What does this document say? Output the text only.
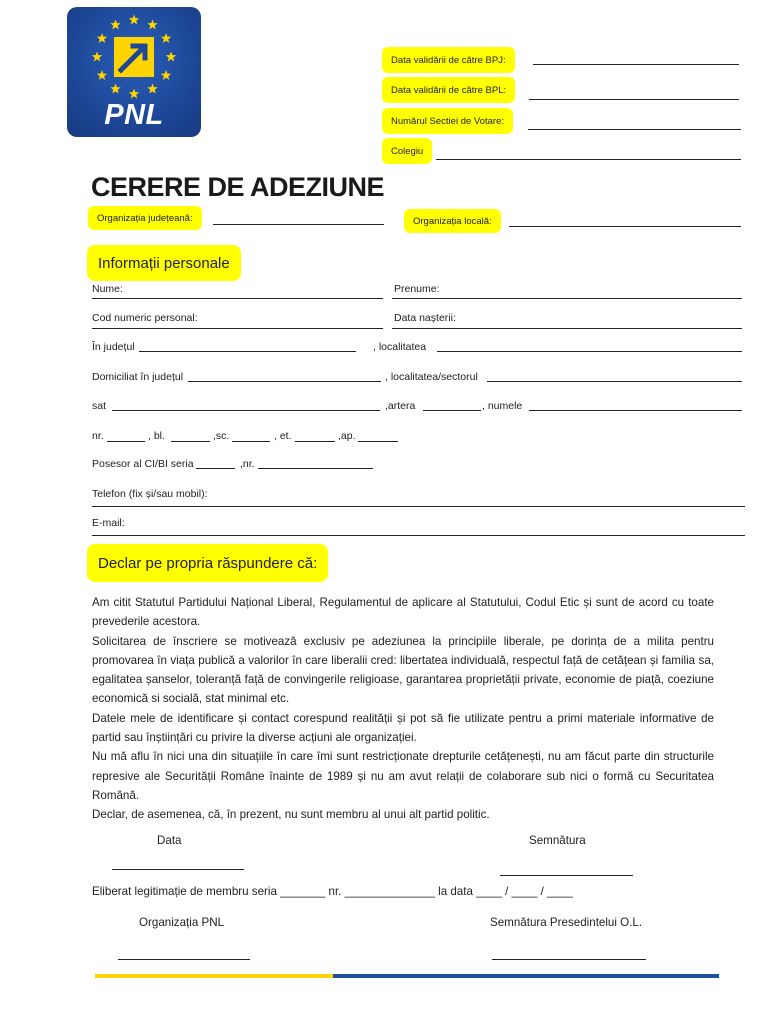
PNL
Data validării de către BPJ:
Data validării de către BPL:
Numărul Sectiei de Votare:
Colegiu
CERERE DE ADEZIUNE
Organizația județeană:	Organizația locală:
Informații personale
Nume:	Prenume:
Cod numeric personal:	Data nașterii:
În județul	, localitatea
Domiciliat în județul	, localitatea/sectorul
sat	,artera	, numele
nr.	, bl.	,sc.	, et.	,ap.
Posesor al CI/BI seria	,nr.
Telefon (fix și/sau mobil):
E-mail:
Declar pe propria răspundere că:

Am citit Statutul Partidului Național Liberal, Regulamentul de aplicare al Statutului, Codul Etic și sunt de acord cu toate prevederile acestora.

Solicitarea de înscriere se motivează exclusiv pe adeziunea la principiile liberale, pe dorința de a milita pentru promovarea în viața publică a valorilor în care liberalii cred: libertatea individuală, respectul față de cetățean și familia sa, egalitatea șanselor, toleranță față de convingerile religioase, garantarea proprietății private, economie de piață, coeziune economică si socială, stat minimal etc.

Datele mele de identificare și contact corespund realității și pot să fie utilizate pentru a primi materiale informative de partid sau înștiințări cu privire la diverse acțiuni ale organizației.

Nu mă aflu în nici una din situațiile în care îmi sunt restricționate drepturile cetățenești, nu am făcut parte din structurile represive ale Securității Române înainte de 1989 și nu am avut relații de colaborare sub nici o formă cu Securitatea Română.

Declar, de asemenea, că, în prezent, nu sunt membru al unui alt partid politic.

Data	Semnătura
Eliberat legitimație de membru seria _______ nr. ______________ la data ____ / ____ / ____
Organizația PNL	Semnătura Presedintelui O.L.
